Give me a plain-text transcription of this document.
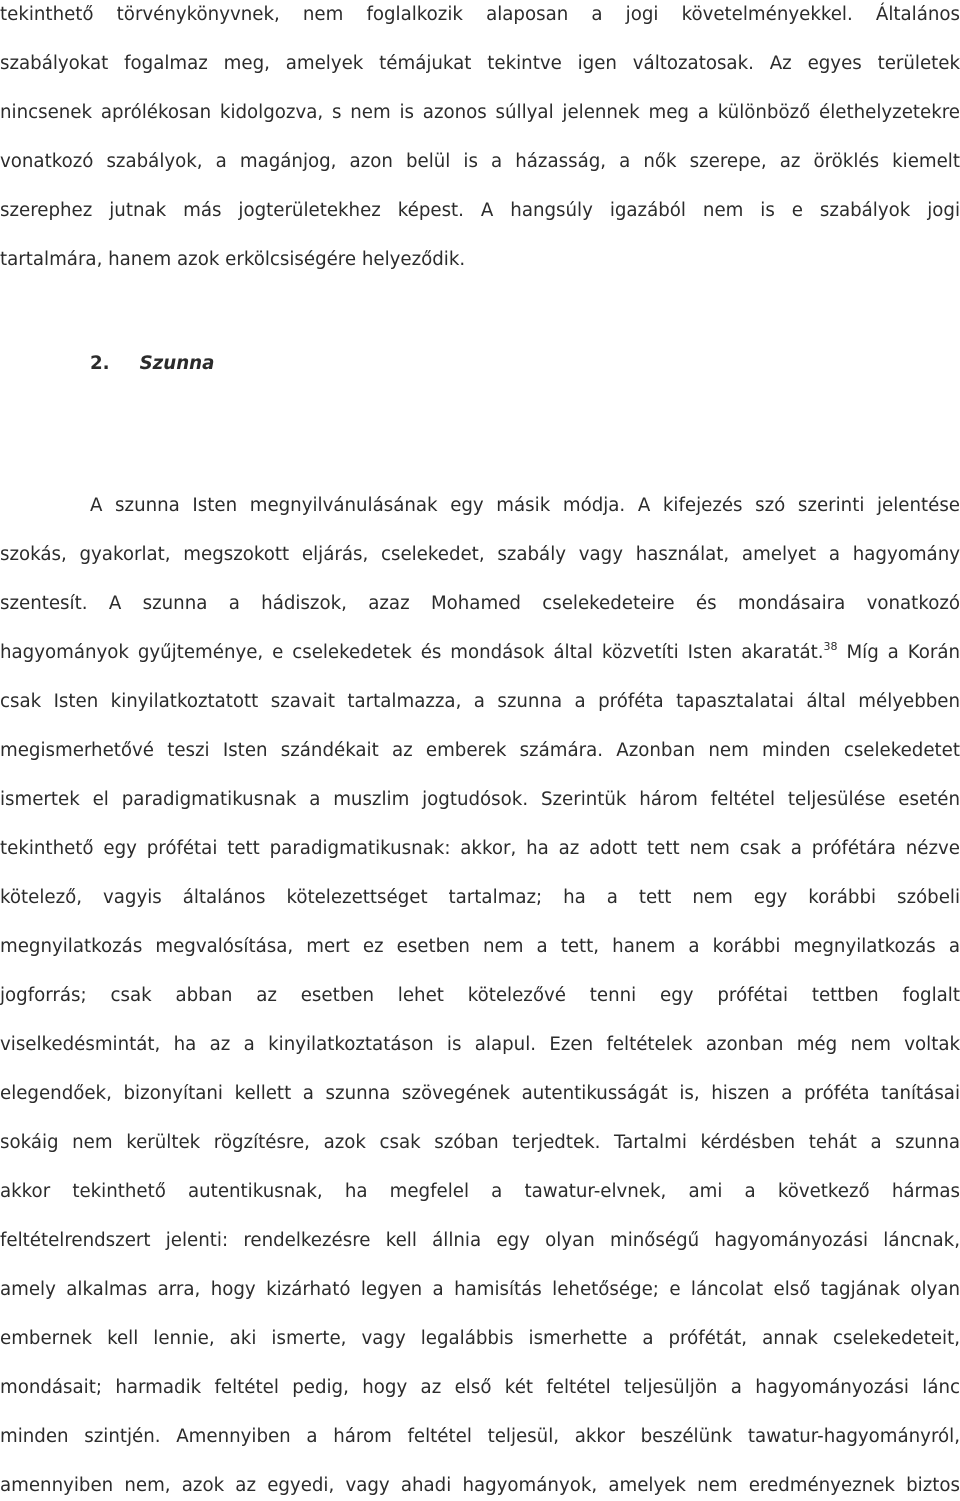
tekinthető törvénykönyvnek, nem foglalkozik alaposan a jogi követelményekkel. Általános
szabályokat fogalmaz meg, amelyek témájukat tekintve igen változatosak. Az egyes területek
nincsenek aprólékosan kidolgozva, s nem is azonos súllyal jelennek meg a különböző élethelyzetekre
vonatkozó szabályok, a magánjog, azon belül is a házasság, a nők szerepe, az öröklés kiemelt
szerephez jutnak más jogterületekhez képest. A hangsúly igazából nem is e szabályok jogi
tartalmára, hanem azok erkölcsiségére helyeződik.
2. Szunna
A szunna Isten megnyilvánulásának egy másik módja. A kifejezés szó szerinti jelentése
szokás, gyakorlat, megszokott eljárás, cselekedet, szabály vagy használat, amelyet a hagyomány
szentesít. A szunna a hádiszok, azaz Mohamed cselekedeteire és mondásaira vonatkozó
hagyományok gyűjteménye, e cselekedetek és mondások által közvetíti Isten akaratát.$^{38}$ Míg a Korán
csak Isten kinyilatkoztatott szavait tartalmazza, a szunna a próféta tapasztalatai által mélyebben
megismerhetővé teszi Isten szándékait az emberek számára. Azonban nem minden cselekedetet
ismertek el paradigmatikusnak a muszlim jogtudósok. Szerintük három feltétel teljesülése esetén
tekinthető egy prófétai tett paradigmatikusnak: akkor, ha az adott tett nem csak a prófétára nézve
kötelező, vagyis általános kötelezettséget tartalmaz; ha a tett nem egy korábbi szóbeli
megnyilatkozás megvalósítása, mert ez esetben nem a tett, hanem a korábbi megnyilatkozás a
jogforrás; csak abban az esetben lehet kötelezővé tenni egy prófétai tettben foglalt
viselkedésmintát, ha az a kinyilatkoztatáson is alapul. Ezen feltételek azonban még nem voltak
elegendőek, bizonyítani kellett a szunna szövegének autentikusságát is, hiszen a próféta tanításai
sokáig nem kerültek rögzítésre, azok csak szóban terjedtek. Tartalmi kérdésben tehát a szunna
akkor tekinthető autentikusnak, ha megfelel a tawatur-elvnek, ami a következő hármas
feltételrendszert jelenti: rendelkezésre kell állnia egy olyan minőségű hagyományozási láncnak,
amely alkalmas arra, hogy kizárható legyen a hamisítás lehetősége; e láncolat első tagjának olyan
embernek kell lennie, aki ismerte, vagy legalábbis ismerhette a prófétát, annak cselekedeteit,
mondásait; harmadik feltétel pedig, hogy az első két feltétel teljesüljön a hagyományozási lánc
minden szintjén. Amennyiben a három feltétel teljesül, akkor beszélünk tawatur-hagyományról,
amennyiben nem, azok az egyedi, vagy ahadi hagyományok, amelyek nem eredményeznek biztos
